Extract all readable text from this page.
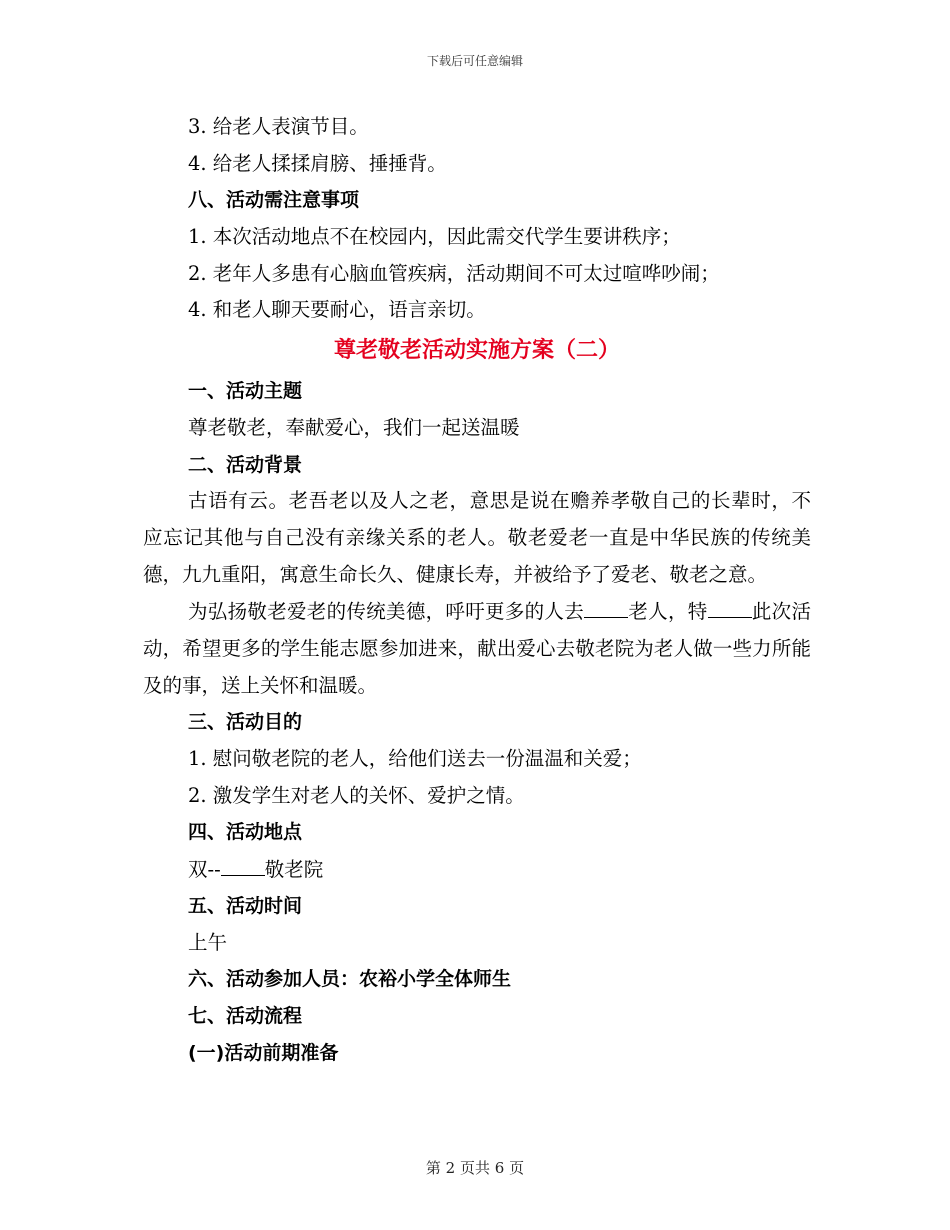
下载后可任意编辑
3. 给老人表演节目。
4. 给老人揉揉肩膀、捶捶背。
八、活动需注意事项
1. 本次活动地点不在校园内，因此需交代学生要讲秩序；
2. 老年人多患有心脑血管疾病，活动期间不可太过喧哗吵闹；
4. 和老人聊天要耐心，语言亲切。
尊老敬老活动实施方案（二）
一、活动主题
尊老敬老，奉献爱心，我们一起送温暖
二、活动背景
古语有云。老吾老以及人之老，意思是说在赡养孝敬自己的长辈时，不应忘记其他与自己没有亲缘关系的老人。敬老爱老一直是中华民族的传统美德，九九重阳，寓意生命长久、健康长寿，并被给予了爱老、敬老之意。
为弘扬敬老爱老的传统美德，呼吁更多的人去 老人，特 此次活动，希望更多的学生能志愿参加进来，献出爱心去敬老院为老人做一些力所能及的事，送上关怀和温暖。
三、活动目的
1. 慰问敬老院的老人，给他们送去一份温温和关爱；
2. 激发学生对老人的关怀、爱护之情。
四、活动地点
双-- 敬老院
五、活动时间
上午
六、活动参加人员：农裕小学全体师生
七、活动流程
(一)活动前期准备
第 2 页共 6 页
